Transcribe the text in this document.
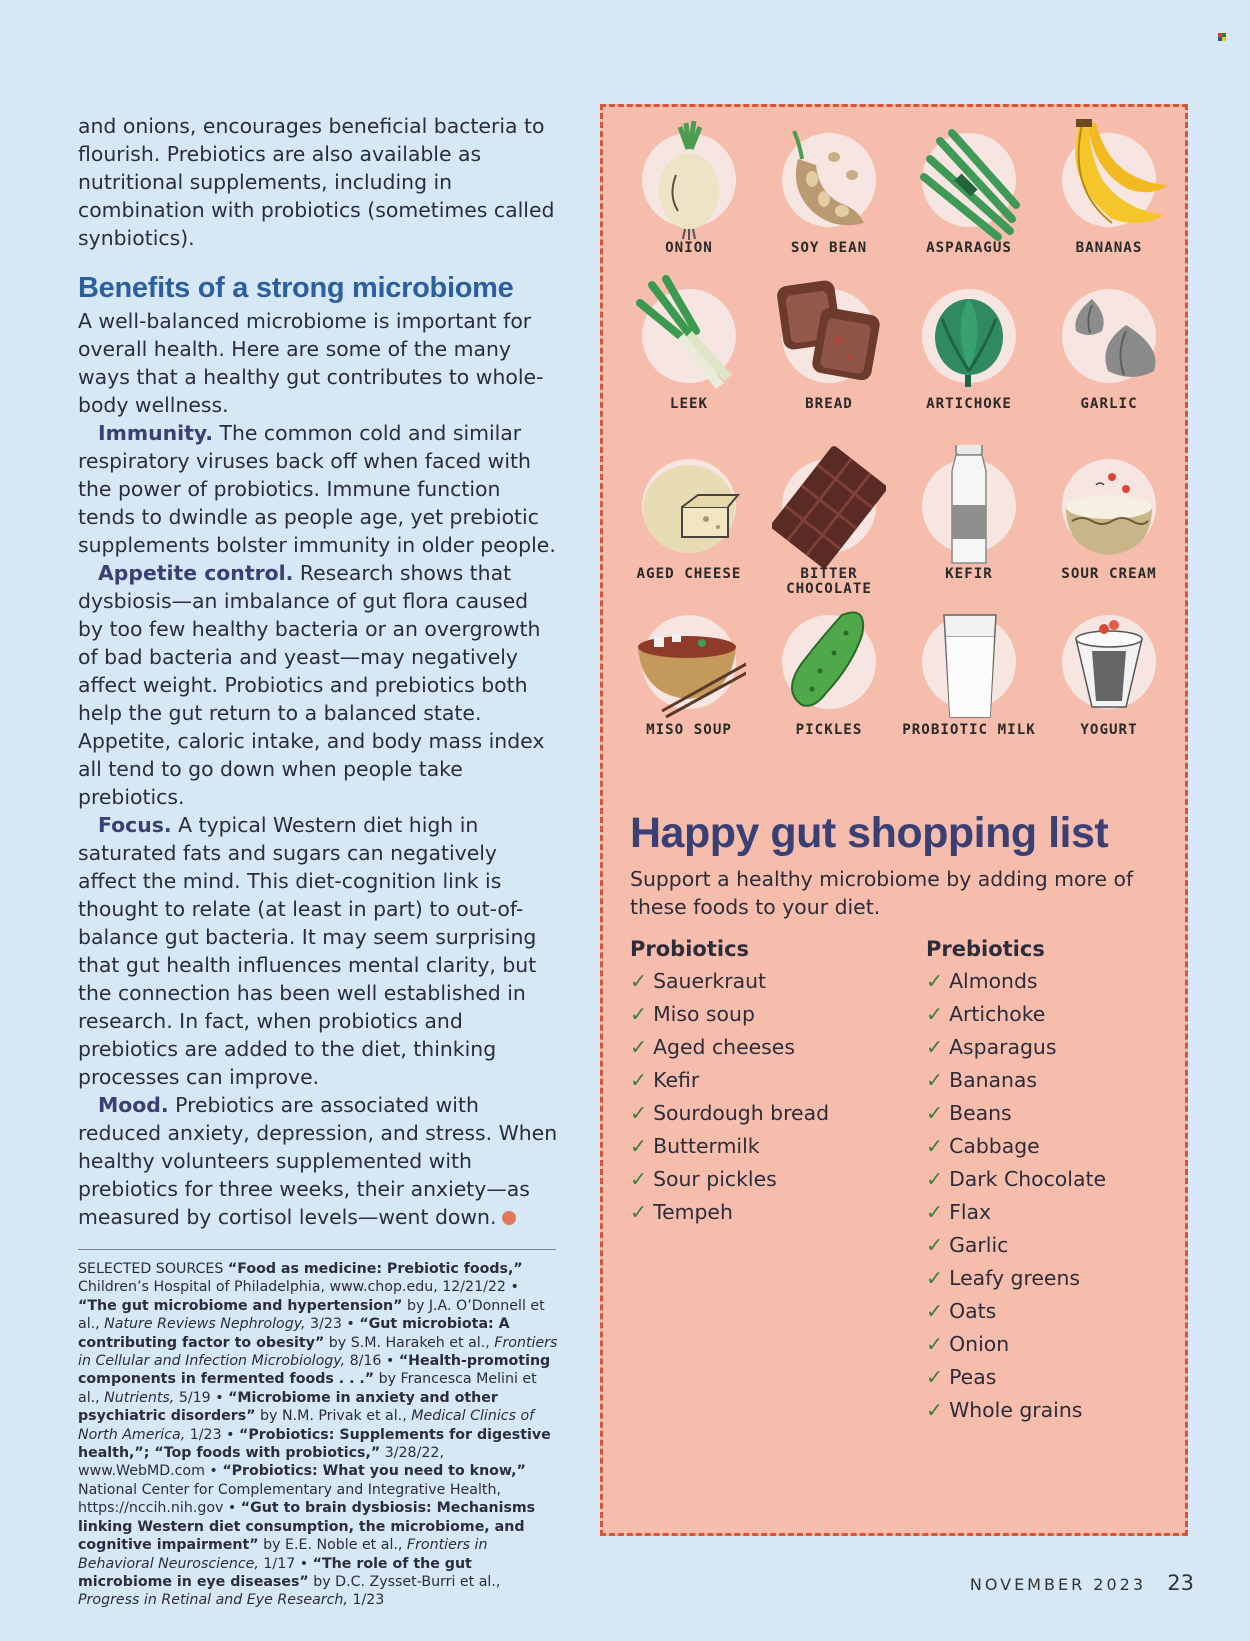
and onions, encourages beneficial bacteria to flourish. Prebiotics are also available as nutritional supplements, including in combination with probiotics (sometimes called synbiotics).

Benefits of a strong microbiome

A well-balanced microbiome is important for overall health. Here are some of the many ways that a healthy gut contributes to whole-body wellness.

Immunity. The common cold and similar respiratory viruses back off when faced with the power of probiotics. Immune function tends to dwindle as people age, yet prebiotic supplements bolster immunity in older people.

Appetite control. Research shows that dysbiosis—an imbalance of gut flora caused by too few healthy bacteria or an overgrowth of bad bacteria and yeast—may negatively affect weight. Probiotics and prebiotics both help the gut return to a balanced state. Appetite, caloric intake, and body mass index all tend to go down when people take prebiotics.

Focus. A typical Western diet high in saturated fats and sugars can negatively affect the mind. This diet-cognition link is thought to relate (at least in part) to out-of-balance gut bacteria. It may seem surprising that gut health influences mental clarity, but the connection has been well established in research. In fact, when probiotics and prebiotics are added to the diet, thinking processes can improve.

Mood. Prebiotics are associated with reduced anxiety, depression, and stress. When healthy volunteers supplemented with prebiotics for three weeks, their anxiety—as measured by cortisol levels—went down.

SELECTED SOURCES “Food as medicine: Prebiotic foods,” Children’s Hospital of Philadelphia, www.chop.edu, 12/21/22 • “The gut microbiome and hypertension” by J.A. O’Donnell et al., Nature Reviews Nephrology, 3/23 • “Gut microbiota: A contributing factor to obesity” by S.M. Harakeh et al., Frontiers in Cellular and Infection Microbiology, 8/16 • “Health-promoting components in fermented foods . . .” by Francesca Melini et al., Nutrients, 5/19 • “Microbiome in anxiety and other psychiatric disorders” by N.M. Privak et al., Medical Clinics of North America, 1/23 • “Probiotics: Supplements for digestive health,”; “Top foods with probiotics,” 3/28/22, www.WebMD.com • “Probiotics: What you need to know,” National Center for Complementary and Integrative Health, https://nccih.nih.gov • “Gut to brain dysbiosis: Mechanisms linking Western diet consumption, the microbiome, and cognitive impairment” by E.E. Noble et al., Frontiers in Behavioral Neuroscience, 1/17 • “The role of the gut microbiome in eye diseases” by D.C. Zysset-Burri et al., Progress in Retinal and Eye Research, 1/23

ONION	SOY BEAN	ASPARAGUS	BANANAS
LEEK	BREAD	ARTICHOKE	GARLIC
AGED CHEESE	BITTER CHOCOLATE
KEFIR	SOUR CREAM
MISO SOUP	PICKLES	PROBIOTIC MILK	YOGURT
Happy gut shopping list

Support a healthy microbiome by adding more of these foods to your diet.

Probiotics
✓ Sauerkraut
✓ Miso soup
✓ Aged cheeses
✓ Kefir
✓ Sourdough bread
✓ Buttermilk
✓ Sour pickles
✓ Tempeh
Prebiotics
✓ Almonds
✓ Artichoke
✓ Asparagus
✓ Bananas
✓ Beans
✓ Cabbage
✓ Dark Chocolate
✓ Flax
✓ Garlic
✓ Leafy greens
✓ Oats
✓ Onion
✓ Peas
✓ Whole grains
NOVEMBER 2023 23
